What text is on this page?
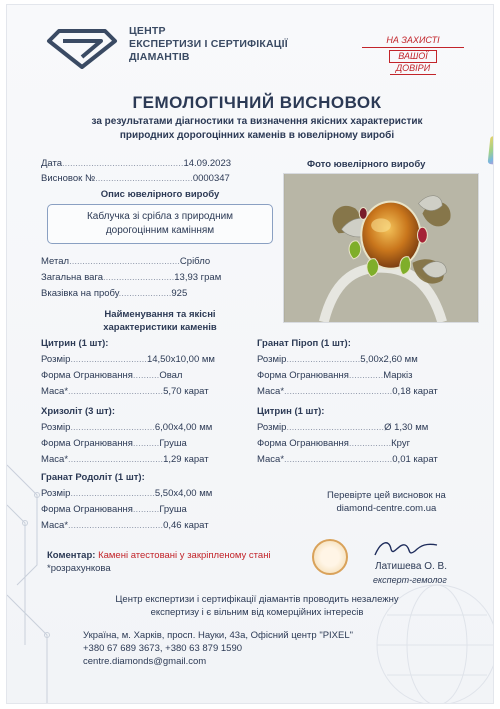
ЦЕНТР
ЕКСПЕРТИЗИ І СЕРТИФІКАЦІЇ
ДІАМАНТІВ
НА ЗАХИСТІ
ВАШОЇ
ДОВІРИ
ГЕМОЛОГІЧНИЙ ВИСНОВОК
за результатами діагностики та визначення якісних характеристик
природних дорогоцінних каменів в ювелірному виробі
Дата..............................................14.09.2023
Висновок №.....................................0000347
Опис ювелірного виробу
Каблучка зі срібла з природним
дорогоцінним камінням
Фото ювелірного виробу
Метал..........................................Срібло
Загальна вага...........................13,93 грам
Вказівка на пробу....................925
Найменування та якісні
характеристики каменів
Цитрин (1 шт):
Розмір.............................14,50х10,00 мм
Форма Огранювання..........Овал
Маса*....................................5,70 карат
Хризоліт (3 шт):
Розмір................................6,00х4,00 мм
Форма Огранювання..........Груша
Маса*....................................1,29 карат
Гранат Родоліт (1 шт):
Розмір................................5,50х4,00 мм
Форма Огранювання..........Груша
Маса*....................................0,46 карат
Гранат Піроп (1 шт):
Розмір............................5,00х2,60 мм
Форма Огранювання.............Маркіз
Маса*.........................................0,18 карат
Цитрин (1 шт):
Розмір.....................................Ø 1,30 мм
Форма Огранювання................Круг
Маса*.........................................0,01 карат
Перевірте цей висновок на
diamond-centre.com.ua
Коментар: Камені атестовані у закріпленому стані
*розрахункова	Латишева О. В.
експерт-гемолог
Центр експертизи і сертифікації діамантів проводить незалежну
експертизу і є вільним від комерційних інтересів
Україна, м. Харків, просп. Науки, 43а, Офісний центр "PIXEL"
+380 67 689 3673, +380 63 879 1590
centre.diamonds@gmail.com
